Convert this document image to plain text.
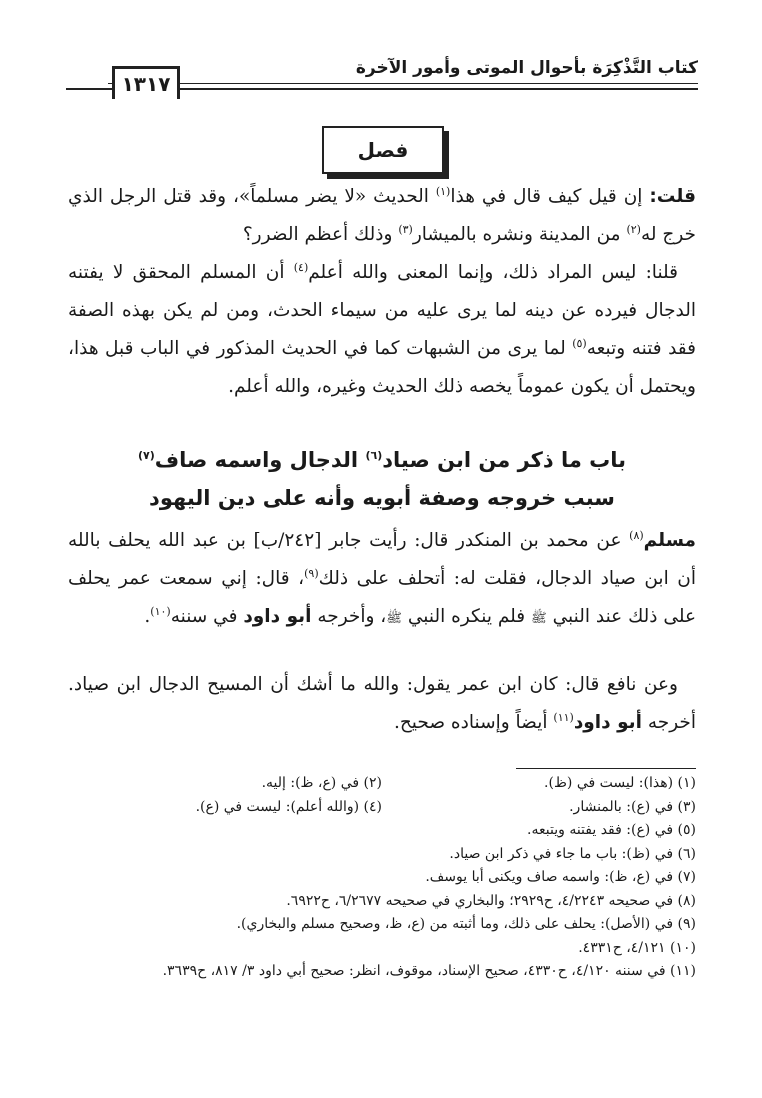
كتاب التَّذْكِرَة بأحوال الموتى وأمور الآخرة
١٣١٧
فصل
قلت: إن قيل كيف قال في هذا$^{(١)}$ الحديث «لا يضر مسلماً»، وقد قتل الرجل الذي خرج له$^{(٢)}$ من المدينة ونشره بالميشار$^{(٣)}$ وذلك أعظم الضرر؟
قلنا: ليس المراد ذلك، وإنما المعنى والله أعلم$^{(٤)}$ أن المسلم المحقق لا يفتنه الدجال فيرده عن دينه لما يرى عليه من سيماء الحدث، ومن لم يكن بهذه الصفة فقد فتنه وتبعه$^{(٥)}$ لما يرى من الشبهات كما في الحديث المذكور في الباب قبل هذا، ويحتمل أن يكون عموماً يخصه ذلك الحديث وغيره، والله أعلم.
باب ما ذكر من ابن صياد$^{(٦)}$ الدجال واسمه صاف$^{(٧)}$
سبب خروجه وصفة أبويه وأنه على دين اليهود
مسلم$^{(٨)}$ عن محمد بن المنكدر قال: رأيت جابر [٢٤٢/ب] بن عبد الله يحلف بالله أن ابن صياد الدجال، فقلت له: أتحلف على ذلك$^{(٩)}$، قال: إني سمعت عمر يحلف على ذلك عند النبي ﷺ فلم ينكره النبي ﷺ، وأخرجه أبو داود في سننه$^{(١٠)}$.
وعن نافع قال: كان ابن عمر يقول: والله ما أشك أن المسيح الدجال ابن صياد. أخرجه أبو داود$^{(١١)}$ أيضاً وإسناده صحيح.
(١) (هذا): ليست في (ظ).
(٢) في (ع، ظ): إليه.
(٣) في (ع): بالمنشار.
(٤) (والله أعلم): ليست في (ع).
(٥) في (ع): فقد يفتنه ويتبعه.
(٦) في (ظ): باب ما جاء في ذكر ابن صياد.
(٧) في (ع، ظ): واسمه صاف ويكنى أبا يوسف.
(٨) في صحيحه ٤/٢٢٤٣، ح٢٩٢٩؛ والبخاري في صحيحه ٦/٢٦٧٧، ح٦٩٢٢.
(٩) في (الأصل): يحلف على ذلك، وما أثبته من (ع، ظ، وصحيح مسلم والبخاري).
(١٠) ٤/١٢١، ح٤٣٣١.
(١١) في سننه ٤/١٢٠، ح٤٣٣٠، صحيح الإسناد، موقوف، انظر: صحيح أبي داود ٣/ ٨١٧، ح٣٦٣٩.
